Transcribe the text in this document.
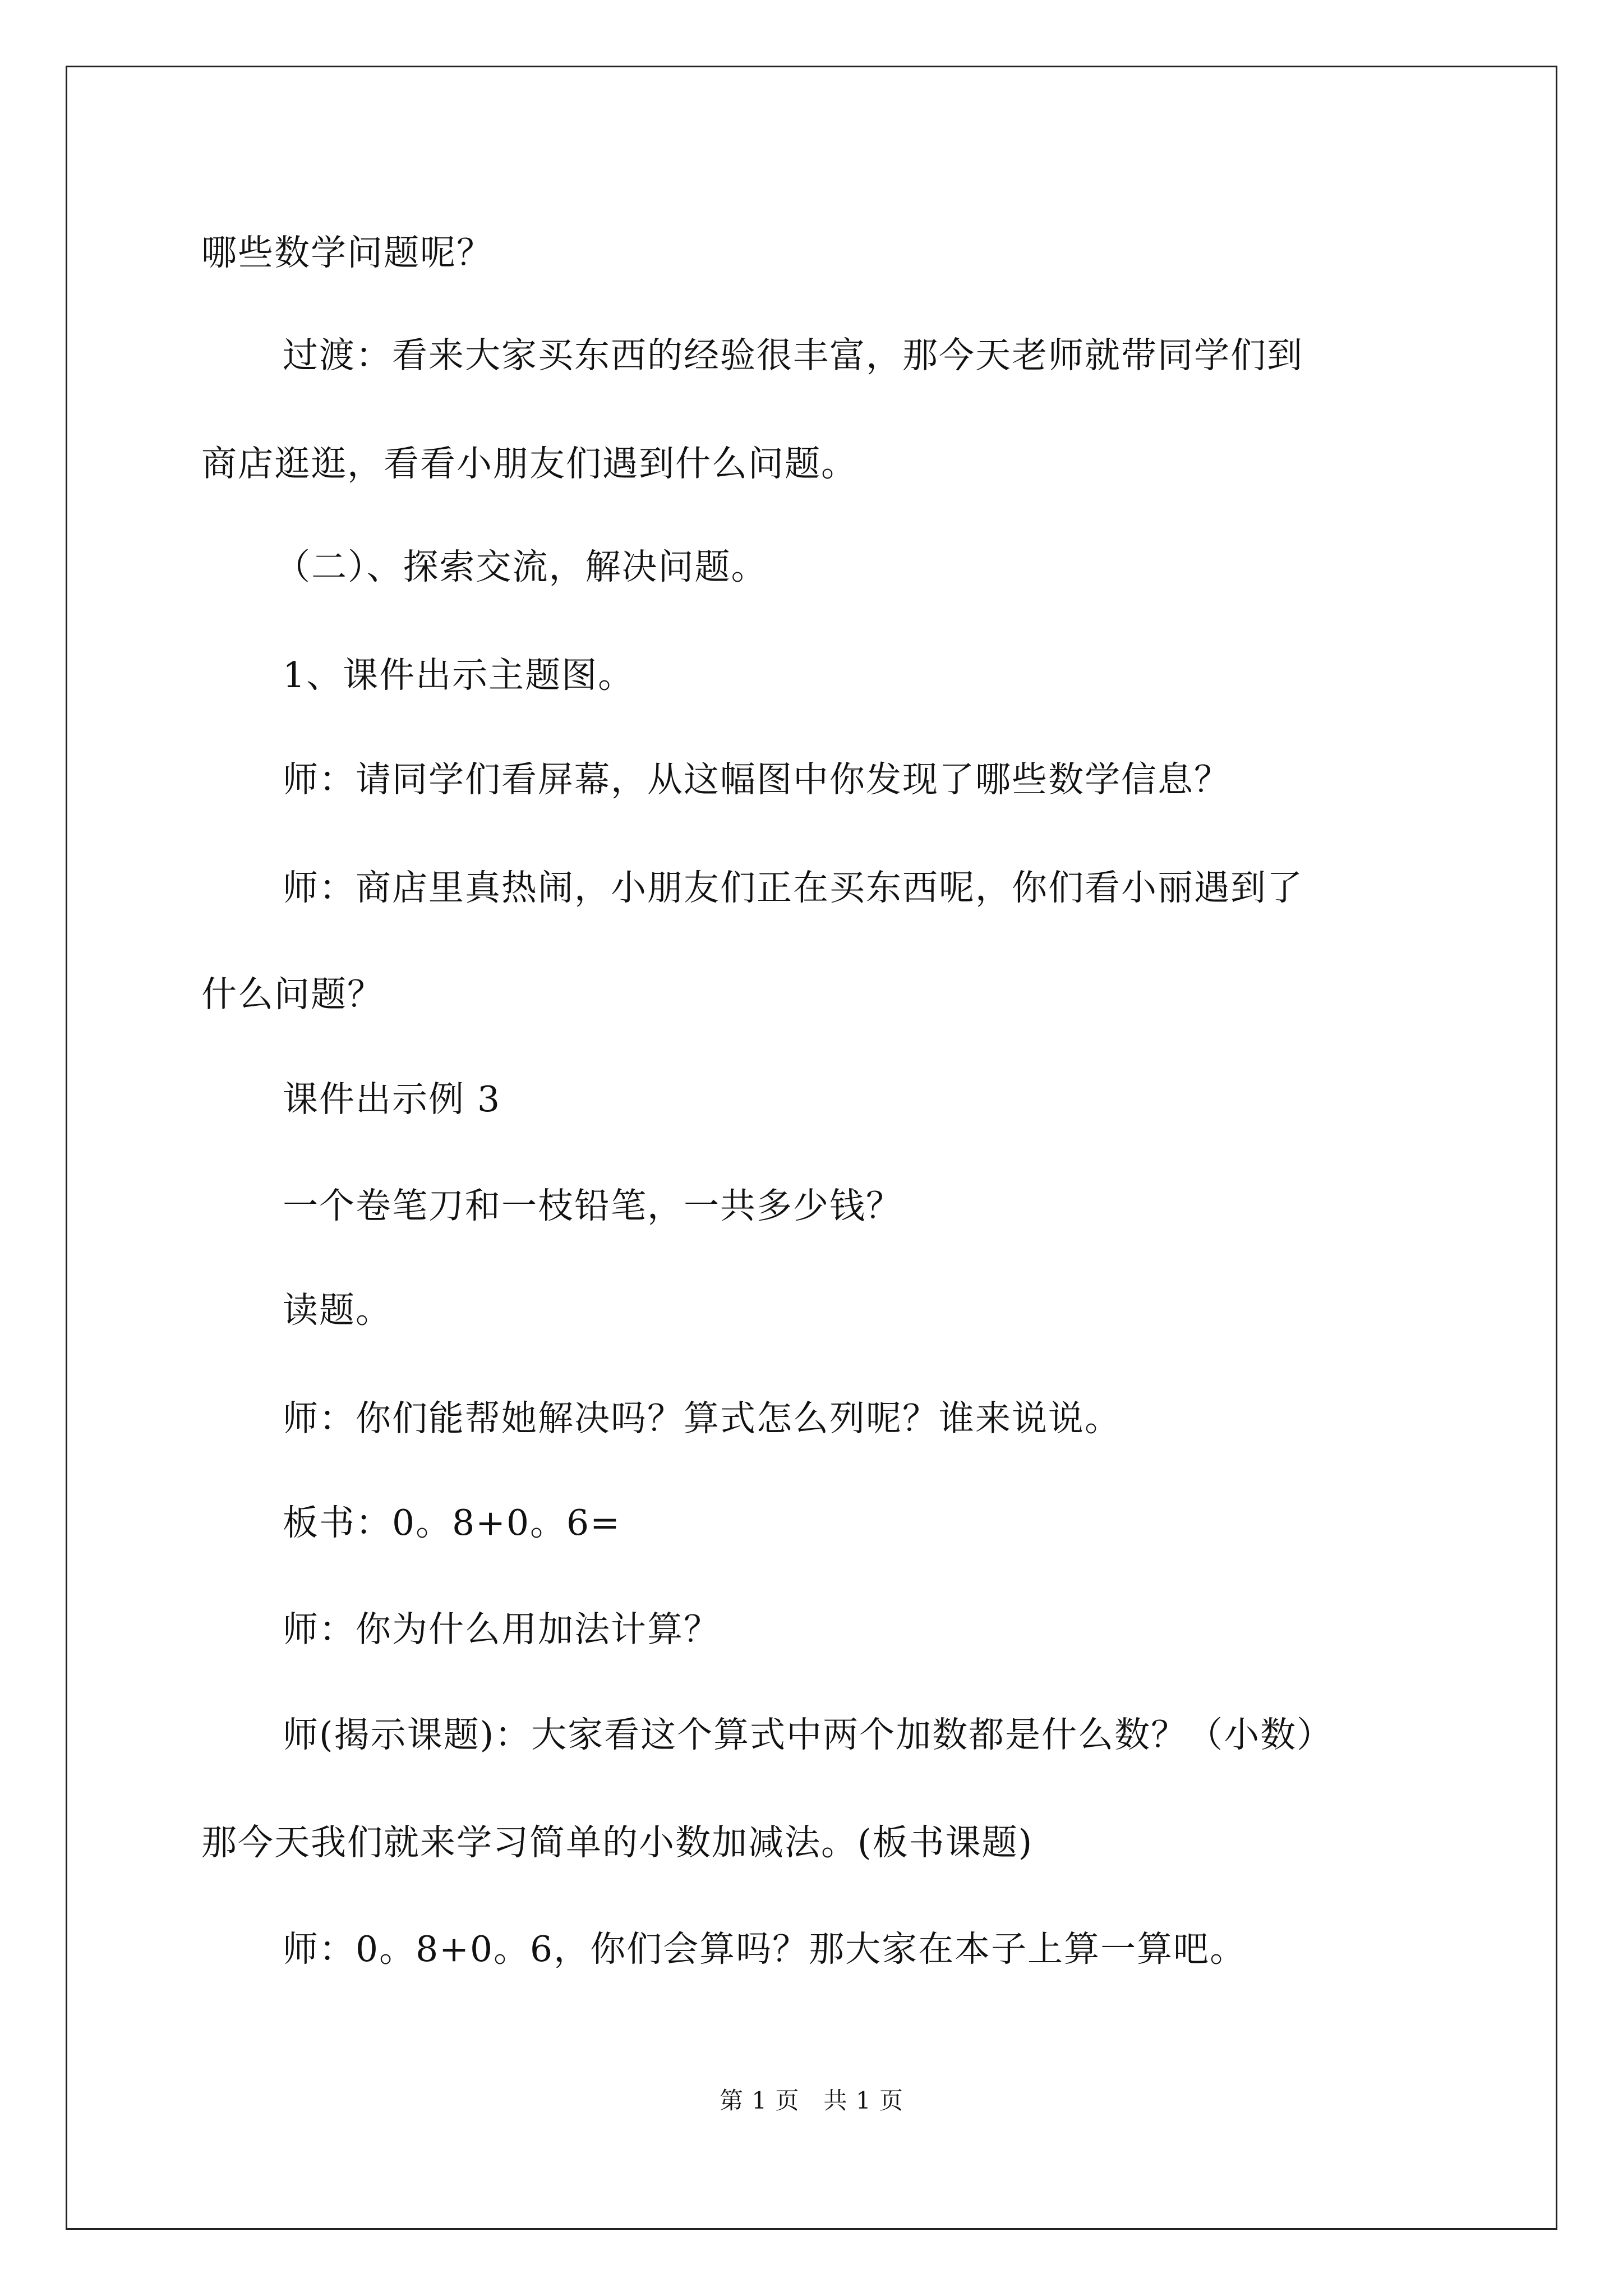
哪些数学问题呢？

过渡：看来大家买东西的经验很丰富，那今天老师就带同学们到

商店逛逛，看看小朋友们遇到什么问题。

（二）、探索交流，解决问题。

1、课件出示主题图。

师：请同学们看屏幕，从这幅图中你发现了哪些数学信息？

师：商店里真热闹，小朋友们正在买东西呢，你们看小丽遇到了

什么问题？

课件出示例 3

一个卷笔刀和一枝铅笔，一共多少钱？

读题。

师：你们能帮她解决吗？算式怎么列呢？谁来说说。

板书：0。8+0。6=

师：你为什么用加法计算？

师(揭示课题)：大家看这个算式中两个加数都是什么数？（小数）

那今天我们就来学习简单的小数加减法。(板书课题)

师：0。8+0。6，你们会算吗？那大家在本子上算一算吧。

第 1 页 共 1 页
